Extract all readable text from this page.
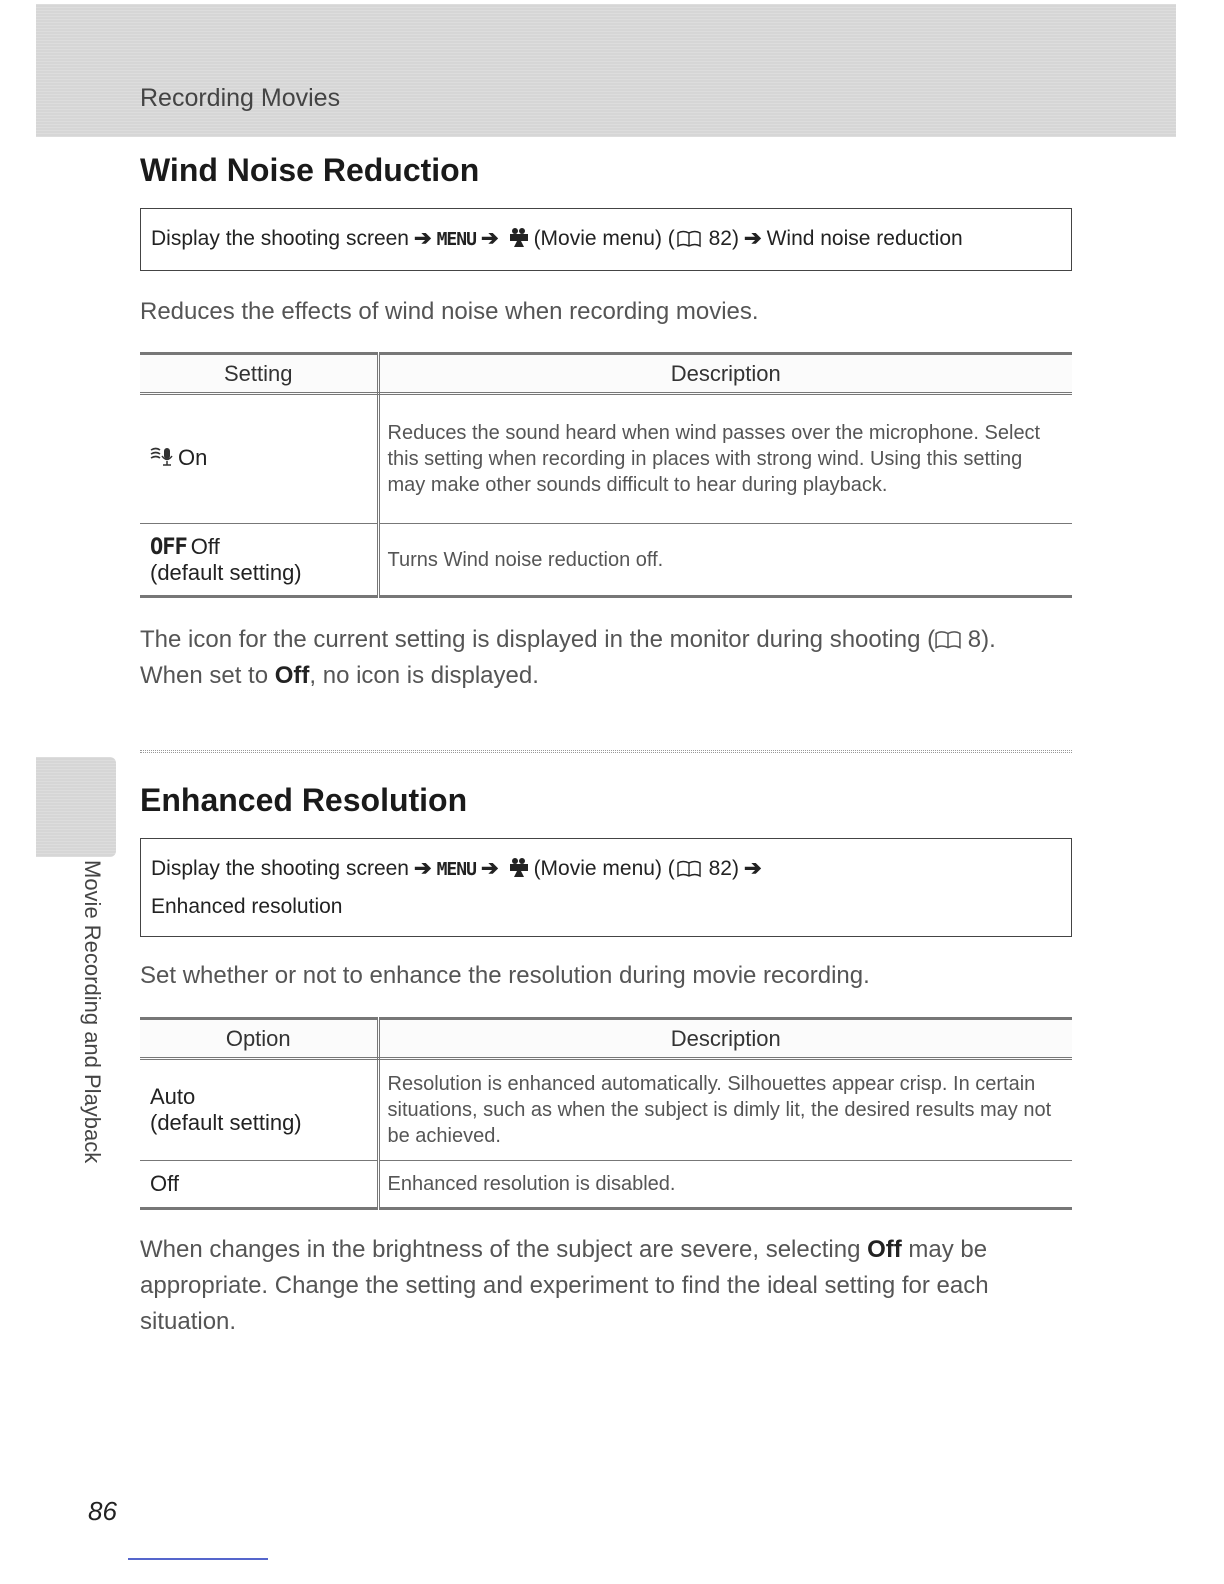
Recording Movies
Wind Noise Reduction
Display the shooting screen ➔ MENU ➔ (Movie menu) ( 82) ➔ Wind noise reduction
Reduces the effects of wind noise when recording movies.
Setting	Description
On	Reduces the sound heard when wind passes over the microphone. Select this setting when recording in places with strong wind. Using this setting may make other sounds difficult to hear during playback.

OFF Off
(default setting)	Turns Wind noise reduction off.
The icon for the current setting is displayed in the monitor during shooting ( 8).
When set to Off, no icon is displayed.
Movie Recording and Playback
Enhanced Resolution
Display the shooting screen ➔ MENU ➔ (Movie menu) ( 82) ➔
Enhanced resolution
Set whether or not to enhance the resolution during movie recording.
Option	Description

Auto
(default setting)	Resolution is enhanced automatically. Silhouettes appear crisp. In certain situations, such as when the subject is dimly lit, the desired results may not be achieved.
Off	Enhanced resolution is disabled.
When changes in the brightness of the subject are severe, selecting Off may be appropriate. Change the setting and experiment to find the ideal setting for each situation.
86
